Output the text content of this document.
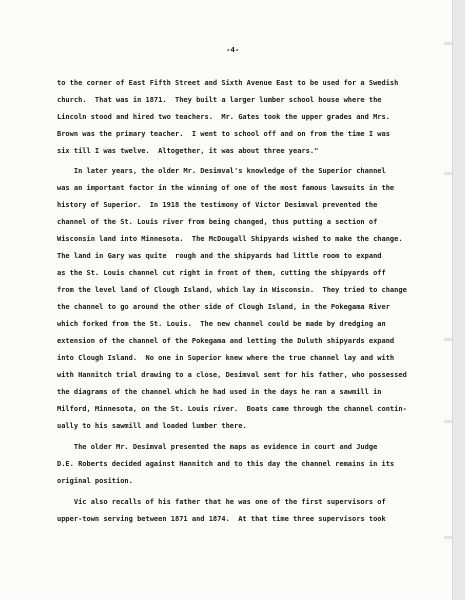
-4-
to the corner of East Fifth Street and Sixth Avenue East to be used for a Swedish
church.  That was in 1871.  They built a larger lumber school house where the
Lincoln stood and hired two teachers.  Mr. Gates took the upper grades and Mrs.
Brown was the primary teacher.  I went to school off and on from the time I was
six till I was twelve.  Altogether, it was about three years."
In later years, the older Mr. Desimval's knowledge of the Superior channel
was an important factor in the winning of one of the most famous lawsuits in the
history of Superior.  In 1918 the testimony of Victor Desimval prevented the
channel of the St. Louis river from being changed, thus putting a section of
Wisconsin land into Minnesota.  The McDougall Shipyards wished to make the change.
The land in Gary was quite  rough and the shipyards had little room to expand
as the St. Louis channel cut right in front of them, cutting the shipyards off
from the level land of Clough Island, which lay in Wisconsin.  They tried to change
the channel to go around the other side of Clough Island, in the Pokegama River
which forked from the St. Louis.  The new channel could be made by dredging an
extension of the channel of the Pokegama and letting the Duluth shipyards expand
into Clough Island.  No one in Superior knew where the true channel lay and with
with Hannitch trial drawing to a close, Desimval sent for his father, who possessed
the diagrams of the channel which he had used in the days he ran a sawmill in
Milford, Minnesota, on the St. Louis river.  Boats came through the channel contin-
ually to his sawmill and loaded lumber there.
The older Mr. Desimval presented the maps as evidence in court and Judge
D.E. Roberts decided against Hannitch and to this day the channel remains in its
original position.
Vic also recalls of his father that he was one of the first supervisors of
upper-town serving between 1871 and 1874.  At that time three supervisors took
